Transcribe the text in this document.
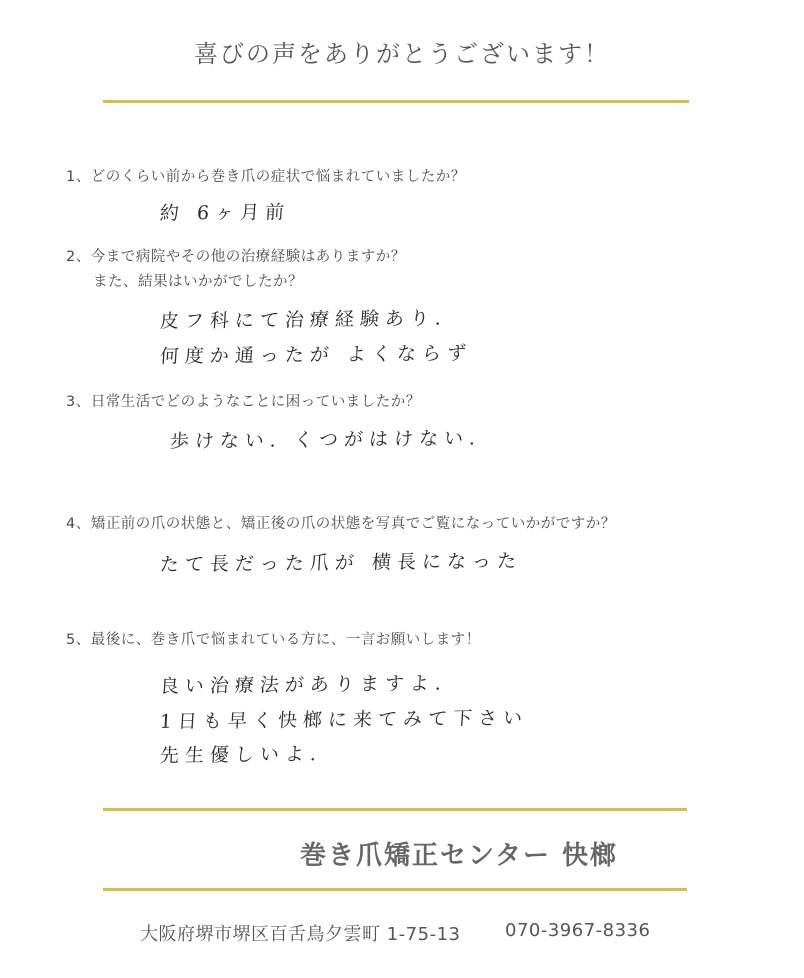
喜びの声をありがとうございます！
1、どのくらい前から巻き爪の症状で悩まれていましたか？
約 6ヶ月前
2、今まで病院やその他の治療経験はありますか？
また、結果はいかがでしたか？
皮フ科にて治療経験あり.
何度か通ったが よくならず
3、日常生活でどのようなことに困っていましたか？
歩けない. くつがはけない.
4、矯正前の爪の状態と、矯正後の爪の状態を写真でご覧になっていかがですか？
たて長だった爪が 横長になった
5、最後に、巻き爪で悩まれている方に、一言お願いします！
良い治療法がありますよ.
1日も早く快榔に来てみて下さい
先生優しいよ.
巻き爪矯正センター 快榔
大阪府堺市堺区百舌鳥夕雲町 1-75-13 070-3967-8336
